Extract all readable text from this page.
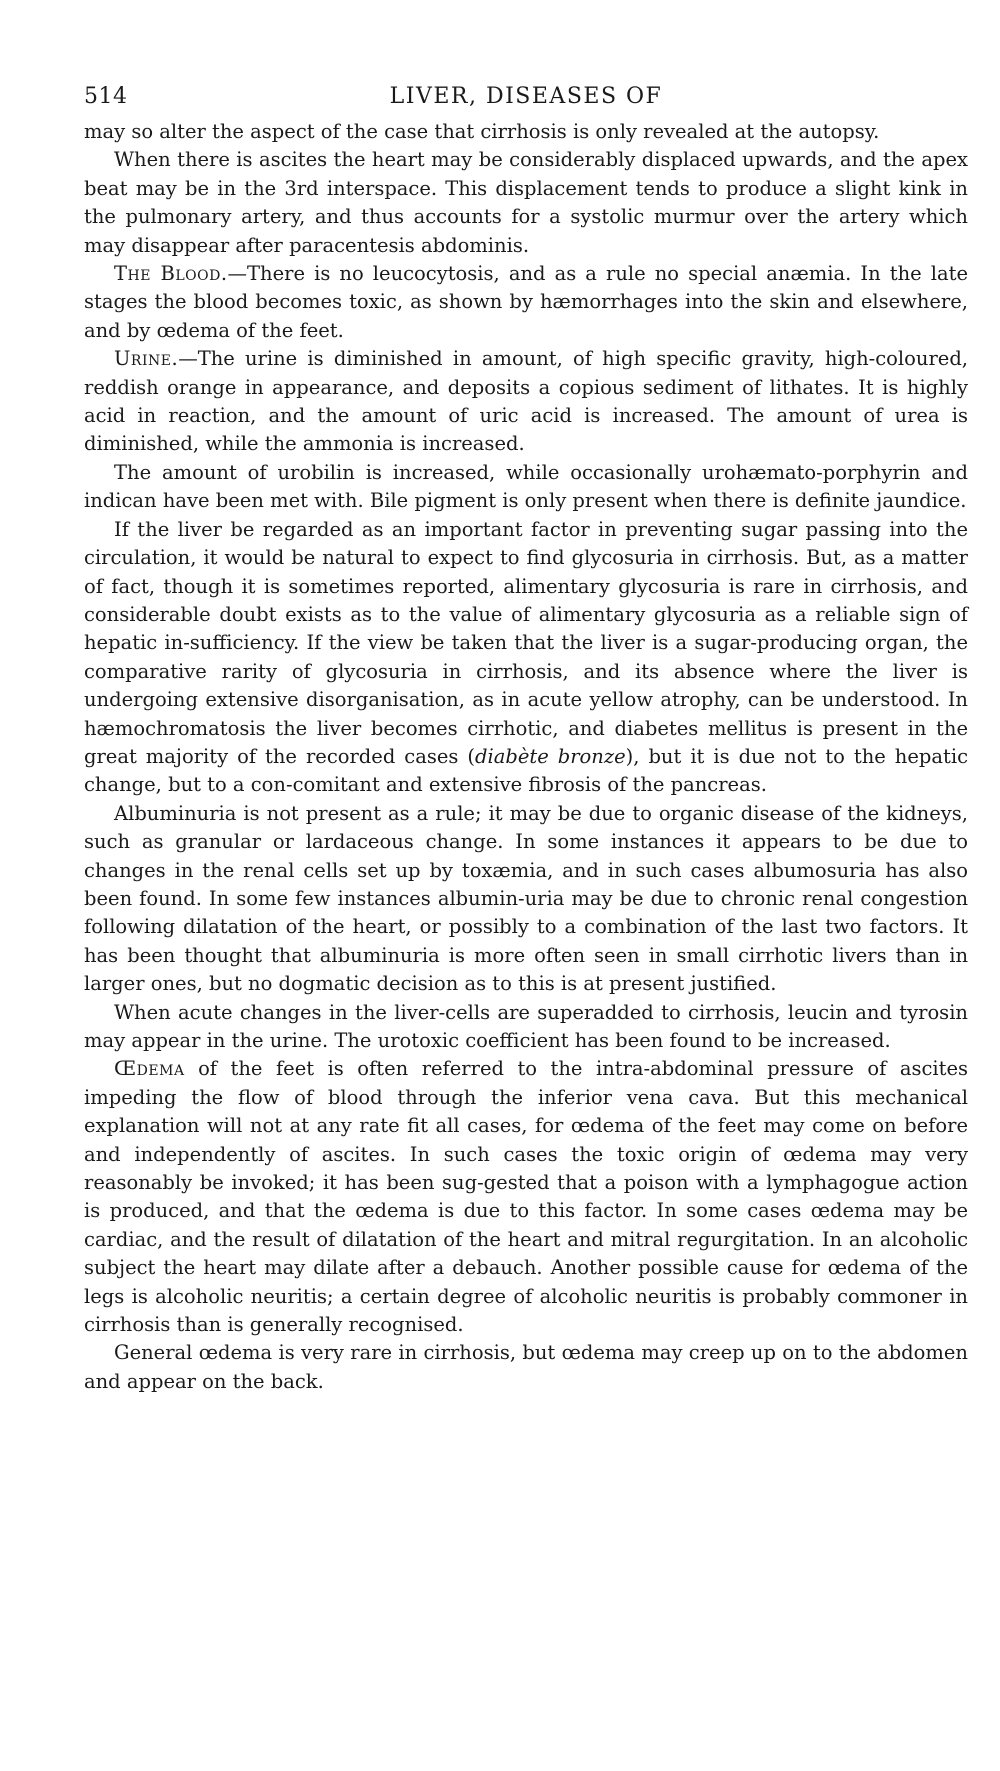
514	LIVER, DISEASES OF

may so alter the aspect of the case that cirrhosis is only revealed at the autopsy.

When there is ascites the heart may be considerably displaced upwards, and the apex beat may be in the 3rd interspace. This displacement tends to produce a slight kink in the pulmonary artery, and thus accounts for a systolic murmur over the artery which may disappear after paracentesis abdominis.

The Blood.—There is no leucocytosis, and as a rule no special anæmia. In the late stages the blood becomes toxic, as shown by hæmorrhages into the skin and elsewhere, and by œdema of the feet.

Urine.—The urine is diminished in amount, of high specific gravity, high-coloured, reddish orange in appearance, and deposits a copious sediment of lithates. It is highly acid in reaction, and the amount of uric acid is increased. The amount of urea is diminished, while the ammonia is increased.

The amount of urobilin is increased, while occasionally urohæmato-porphyrin and indican have been met with. Bile pigment is only present when there is definite jaundice.

If the liver be regarded as an important factor in preventing sugar passing into the circulation, it would be natural to expect to find glycosuria in cirrhosis. But, as a matter of fact, though it is sometimes reported, alimentary glycosuria is rare in cirrhosis, and considerable doubt exists as to the value of alimentary glycosuria as a reliable sign of hepatic in-sufficiency. If the view be taken that the liver is a sugar-producing organ, the comparative rarity of glycosuria in cirrhosis, and its absence where the liver is undergoing extensive disorganisation, as in acute yellow atrophy, can be understood. In hæmochromatosis the liver becomes cirrhotic, and diabetes mellitus is present in the great majority of the recorded cases (diabète bronze), but it is due not to the hepatic change, but to a con-comitant and extensive fibrosis of the pancreas.

Albuminuria is not present as a rule; it may be due to organic disease of the kidneys, such as granular or lardaceous change. In some instances it appears to be due to changes in the renal cells set up by toxæmia, and in such cases albumosuria has also been found. In some few instances albumin-uria may be due to chronic renal congestion following dilatation of the heart, or possibly to a combination of the last two factors. It has been thought that albuminuria is more often seen in small cirrhotic livers than in larger ones, but no dogmatic decision as to this is at present justified.

When acute changes in the liver-cells are superadded to cirrhosis, leucin and tyrosin may appear in the urine. The urotoxic coefficient has been found to be increased.

Œdema of the feet is often referred to the intra-abdominal pressure of ascites impeding the flow of blood through the inferior vena cava. But this mechanical explanation will not at any rate fit all cases, for œdema of the feet may come on before and independently of ascites. In such cases the toxic origin of œdema may very reasonably be invoked; it has been sug-gested that a poison with a lymphagogue action is produced, and that the œdema is due to this factor. In some cases œdema may be cardiac, and the result of dilatation of the heart and mitral regurgitation. In an alcoholic subject the heart may dilate after a debauch. Another possible cause for œdema of the legs is alcoholic neuritis; a certain degree of alcoholic neuritis is probably commoner in cirrhosis than is generally recognised.

General œdema is very rare in cirrhosis, but œdema may creep up on to the abdomen and appear on the back.
